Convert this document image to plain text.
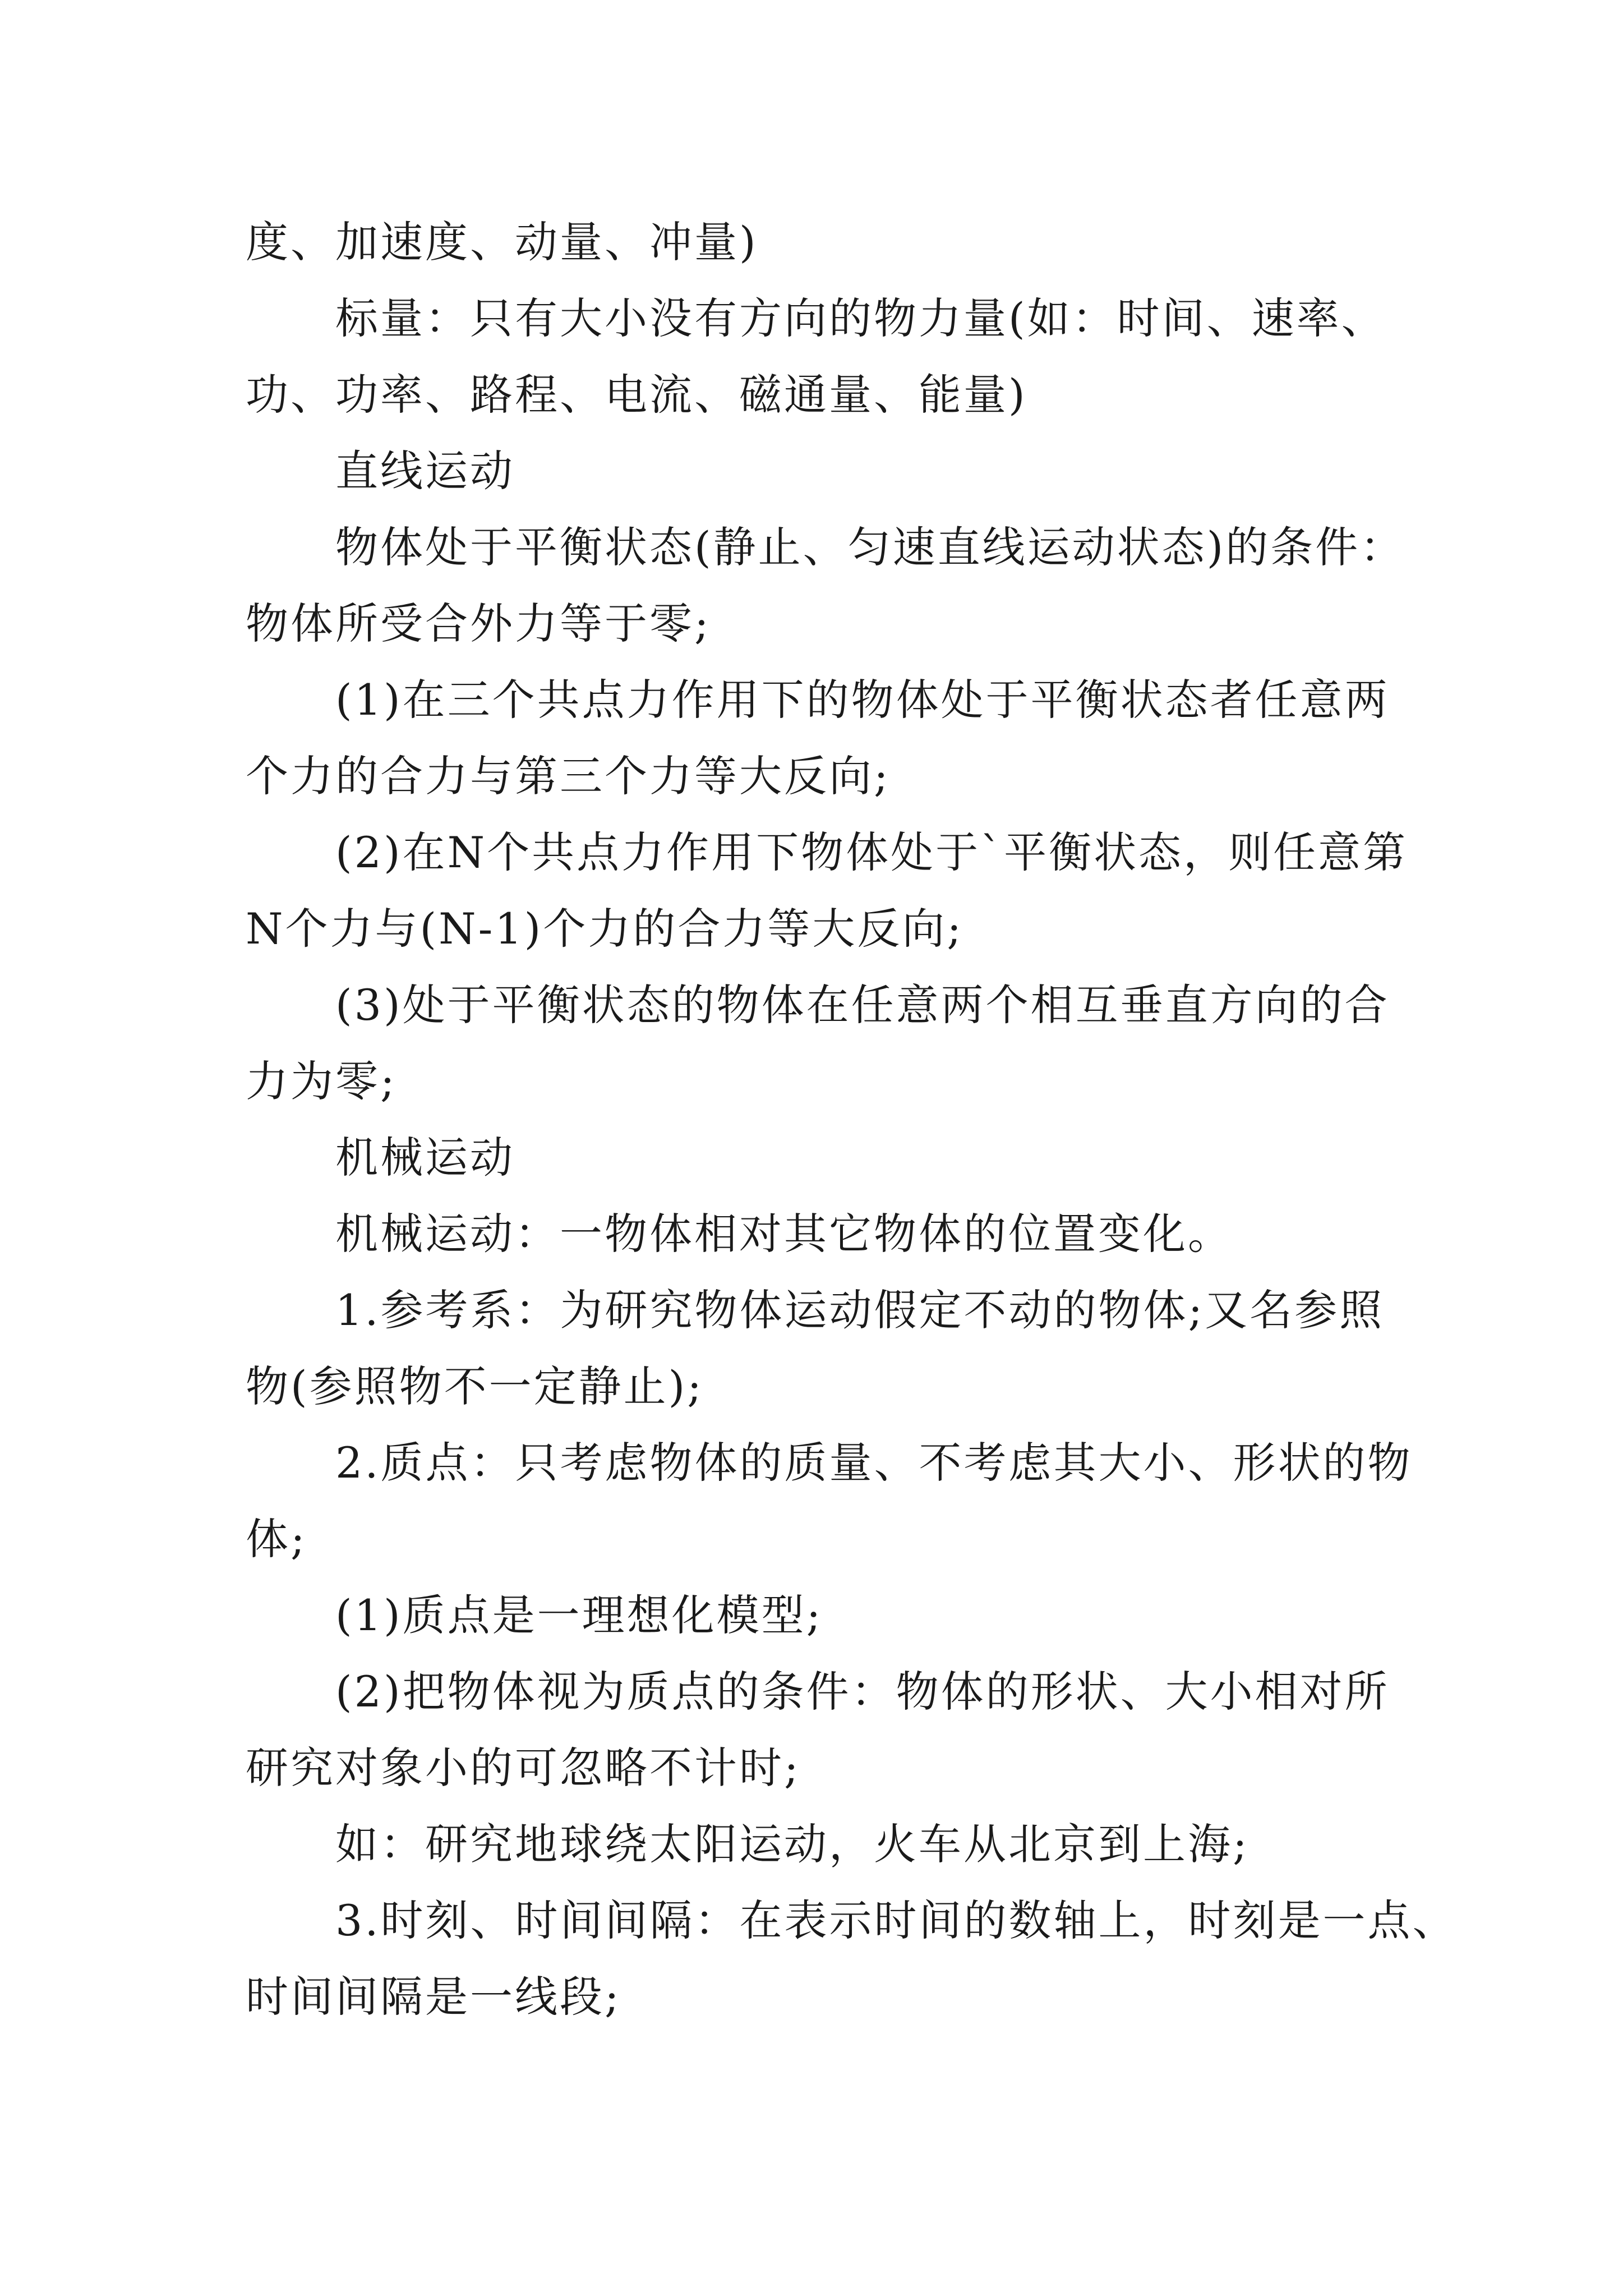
度、加速度、动量、冲量)

标量：只有大小没有方向的物力量(如：时间、速率、

功、功率、路程、电流、磁通量、能量)

直线运动

物体处于平衡状态(静止、匀速直线运动状态)的条件：

物体所受合外力等于零;

(1)在三个共点力作用下的物体处于平衡状态者任意两

个力的合力与第三个力等大反向;

(2)在N个共点力作用下物体处于`平衡状态，则任意第

N个力与(N-1)个力的合力等大反向;

(3)处于平衡状态的物体在任意两个相互垂直方向的合

力为零;

机械运动

机械运动：一物体相对其它物体的位置变化。

1.参考系：为研究物体运动假定不动的物体;又名参照

物(参照物不一定静止);

2.质点：只考虑物体的质量、不考虑其大小、形状的物

体;

(1)质点是一理想化模型;

(2)把物体视为质点的条件：物体的形状、大小相对所

研究对象小的可忽略不计时;

如：研究地球绕太阳运动，火车从北京到上海;

3.时刻、时间间隔：在表示时间的数轴上，时刻是一点、

时间间隔是一线段;
